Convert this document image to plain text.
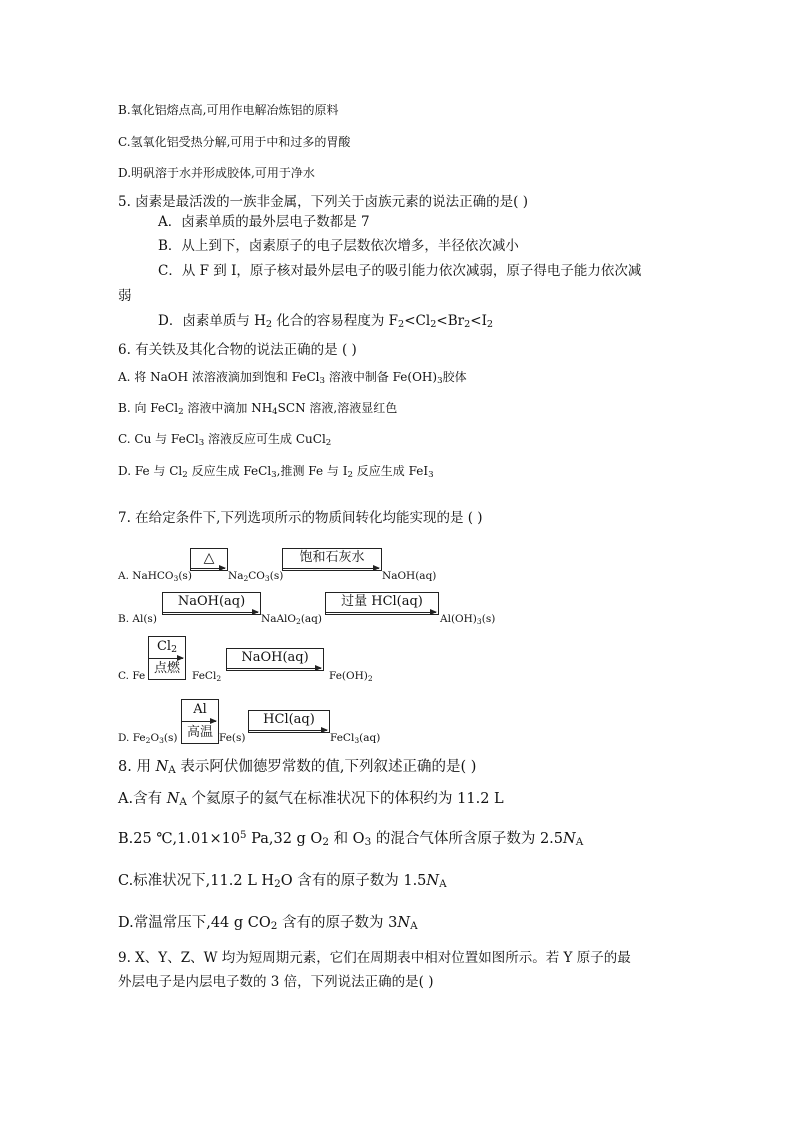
B.氧化铝熔点高,可用作电解冶炼铝的原料
C.氢氧化铝受热分解,可用于中和过多的胃酸
D.明矾溶于水并形成胶体,可用于净水
5. 卤素是最活泼的一族非金属，下列关于卤族元素的说法正确的是( )
A．卤素单质的最外层电子数都是 7
B．从上到下，卤素原子的电子层数依次增多，半径依次减小
C．从 F 到 I，原子核对最外层电子的吸引能力依次减弱，原子得电子能力依次减
弱
D．卤素单质与 $H_2$ 化合的容易程度为 $F_2<Cl_2<Br_2<I_2$
6. 有关铁及其化合物的说法正确的是 ( )
A. 将 NaOH 浓溶液滴加到饱和 FeCl$_3$ 溶液中制备 $Fe(OH)_3$胶体
B. 向 FeCl$_2$ 溶液中滴加 $NH_4SCN$ 溶液,溶液显红色
C. Cu 与 FeCl$_3$ 溶液反应可生成 CuCl$_2$
D. Fe 与 $Cl_2$ 反应生成 FeCl$_3$,推测 Fe 与 $I_2$ 反应生成 FeI$_3$
7. 在给定条件下,下列选项所示的物质间转化均能实现的是 ( )
A. NaHCO$_3$(s)
△
$Na_2CO_3(s)$
饱和石灰水
NaOH(aq)
B. Al(s)
NaOH(aq)
NaAlO$_2$(aq)
过量 HCl(aq)
$Al(OH)_3(s)$
C. Fe
$Cl_2$
点燃	FeCl$_2$
NaOH(aq)
$Fe(OH)_2$
D. $Fe_2O_3(s)$
Al
高温 Fe(s)
HCl(aq)
FeCl$_3$(aq)
8. 用 $N_A$ 表示阿伏伽德罗常数的值,下列叙述正确的是( )
A.含有 $N_A$ 个氦原子的氦气在标准状况下的体积约为 11.2 L
B.25 $℃,1.01\times 10^5$ Pa,32 g $O_2$ 和 $O_3$ 的混合气体所含原子数为 $2.5N_A$
C.标准状况下,11.2 L $H_2O$ 含有的原子数为 $1.5N_A$
D.常温常压下,44 g $CO_2$ 含有的原子数为 $3N_A$
9. X、Y、Z、W 均为短周期元素，它们在周期表中相对位置如图所示。若 Y 原子的最
外层电子是内层电子数的 3 倍，下列说法正确的是( )
